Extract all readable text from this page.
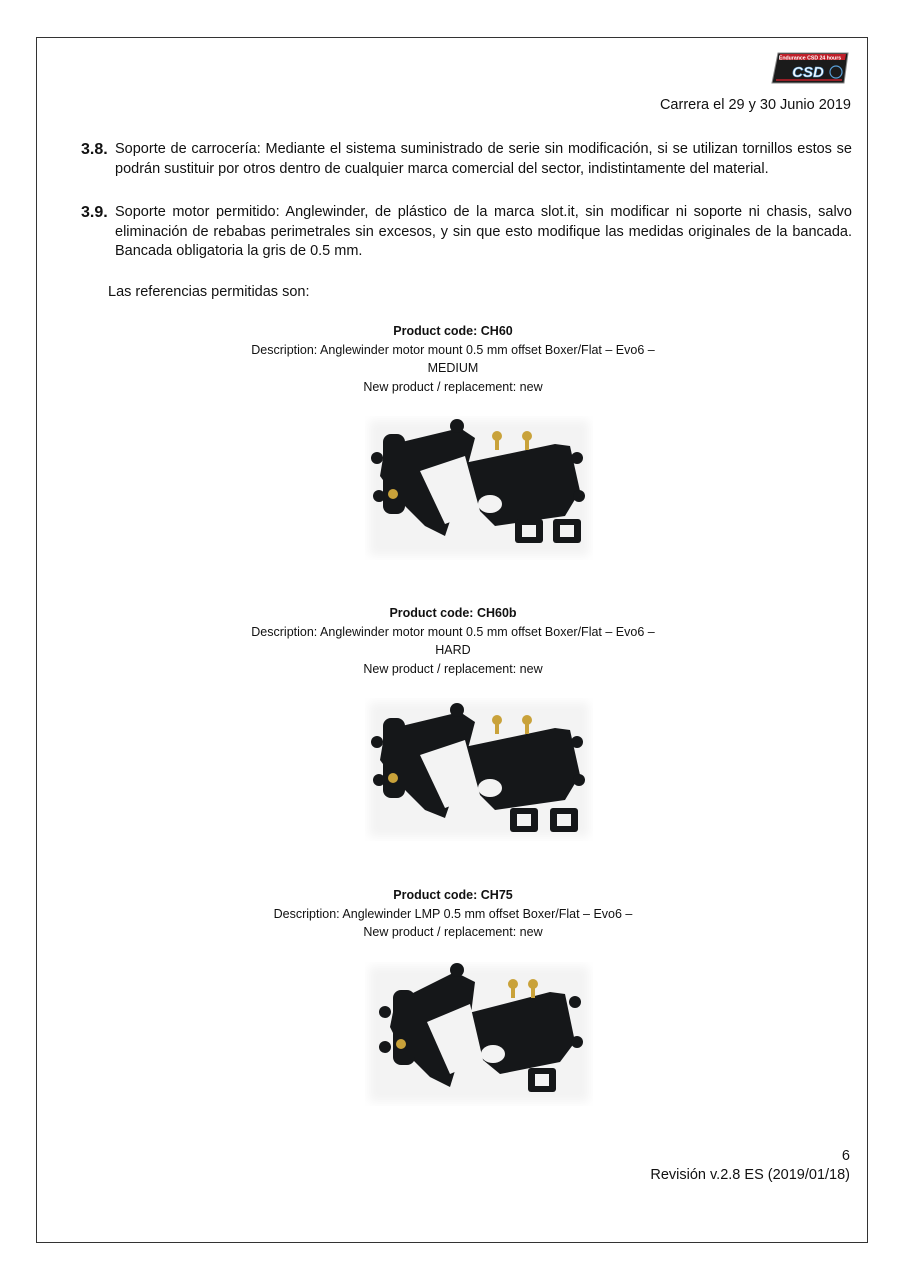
Endurance CSD 24 hours
CSD
Carrera el 29 y 30 Junio 2019
3.8. Soporte de carrocería: Mediante el sistema suministrado de serie sin modificación, si se utilizan tornillos estos se podrán sustituir por otros dentro de cualquier marca comercial del sector, indistintamente del material.
3.9. Soporte motor permitido: Anglewinder, de plástico de la marca slot.it, sin modificar ni soporte ni chasis, salvo eliminación de rebabas perimetrales sin excesos, y sin que esto modifique las medidas originales de la bancada. Bancada obligatoria la gris de 0.5 mm.
Las referencias permitidas son:
Product code: CH60
Description: Anglewinder motor mount 0.5 mm offset Boxer/Flat – Evo6 –
MEDIUM
New product / replacement: new
Product code: CH60b
Description: Anglewinder motor mount 0.5 mm offset Boxer/Flat – Evo6 –
HARD
New product / replacement: new
Product code: CH75
Description: Anglewinder LMP 0.5 mm offset Boxer/Flat – Evo6 –
New product / replacement: new
6
Revisión v.2.8 ES (2019/01/18)
